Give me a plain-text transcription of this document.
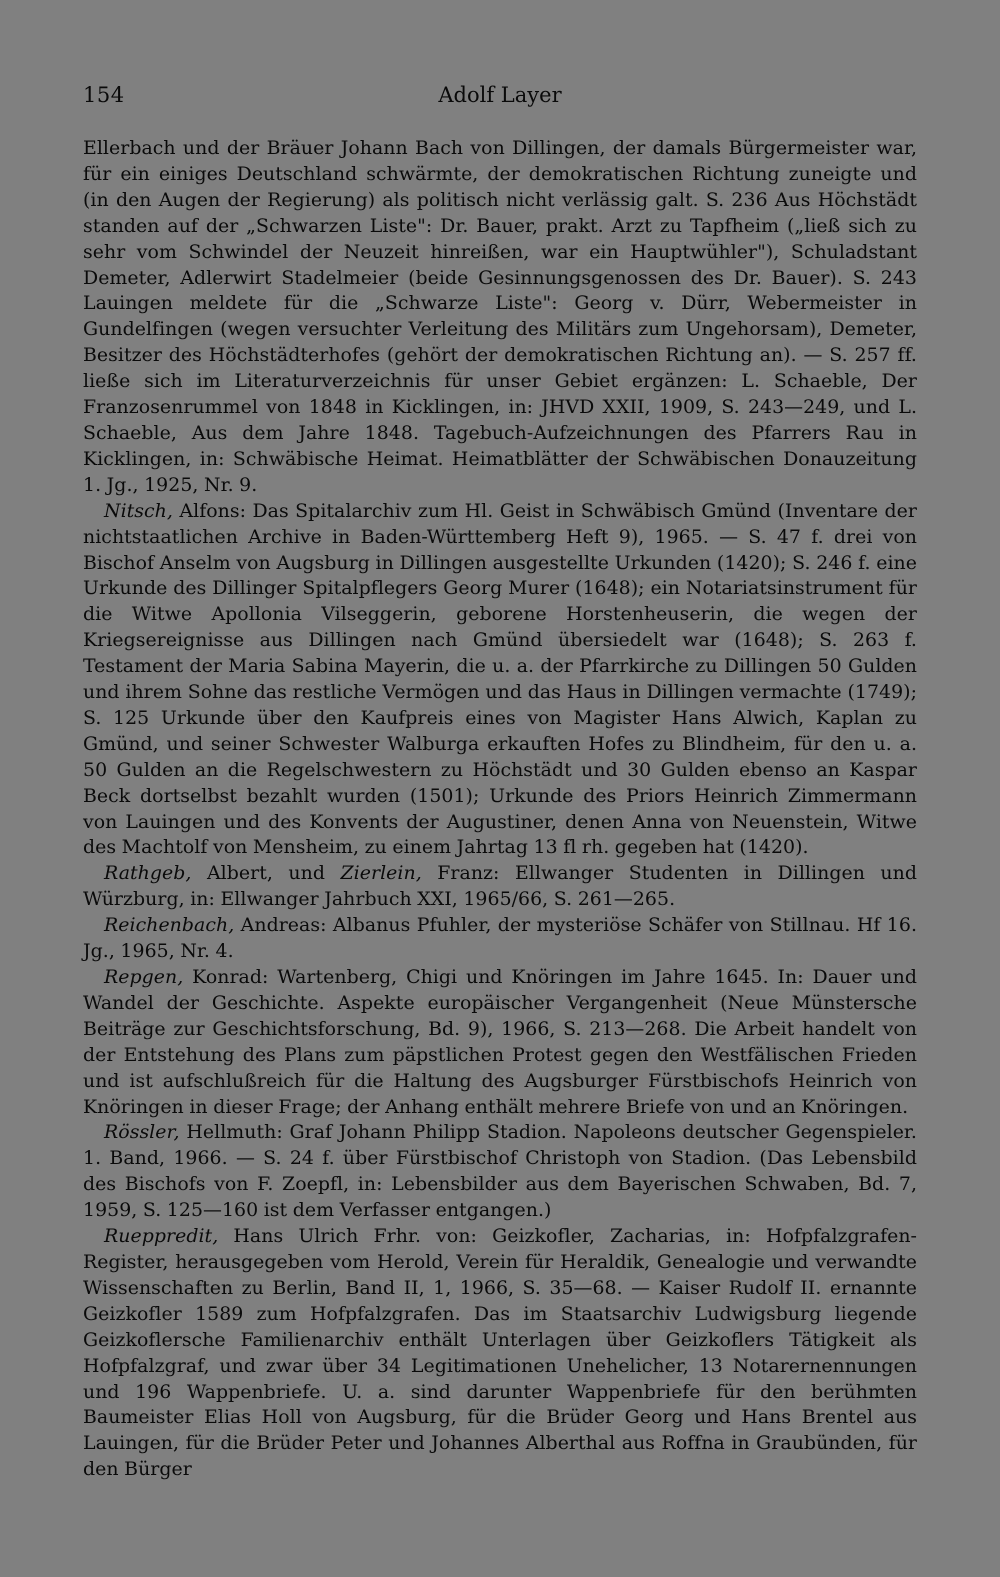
154	Adolf Layer

Ellerbach und der Bräuer Johann Bach von Dillingen, der damals Bürgermeister war, für ein einiges Deutschland schwärmte, der demokratischen Richtung zuneigte und (in den Augen der Regierung) als politisch nicht verlässig galt. S. 236 Aus Höchstädt standen auf der „Schwarzen Liste": Dr. Bauer, prakt. Arzt zu Tapfheim („ließ sich zu sehr vom Schwindel der Neuzeit hinreißen, war ein Hauptwühler"), Schuladstant Demeter, Adlerwirt Stadelmeier (beide Gesinnungsgenossen des Dr. Bauer). S. 243 Lauingen meldete für die „Schwarze Liste": Georg v. Dürr, Webermeister in Gundelfingen (wegen versuchter Verleitung des Militärs zum Ungehorsam), Demeter, Besitzer des Höchstädterhofes (gehört der demokratischen Richtung an). — S. 257 ff. ließe sich im Literaturverzeichnis für unser Gebiet ergänzen: L. Schaeble, Der Franzosenrummel von 1848 in Kicklingen, in: JHVD XXII, 1909, S. 243—249, und L. Schaeble, Aus dem Jahre 1848. Tagebuch-Aufzeichnungen des Pfarrers Rau in Kicklingen, in: Schwäbische Heimat. Heimatblätter der Schwäbischen Donauzeitung 1. Jg., 1925, Nr. 9.

Nitsch, Alfons: Das Spitalarchiv zum Hl. Geist in Schwäbisch Gmünd (Inventare der nichtstaatlichen Archive in Baden-Württemberg Heft 9), 1965. — S. 47 f. drei von Bischof Anselm von Augsburg in Dillingen ausgestellte Urkunden (1420); S. 246 f. eine Urkunde des Dillinger Spitalpflegers Georg Murer (1648); ein Notariatsinstrument für die Witwe Apollonia Vilseggerin, geborene Horstenheuserin, die wegen der Kriegsereignisse aus Dillingen nach Gmünd übersiedelt war (1648); S. 263 f. Testament der Maria Sabina Mayerin, die u. a. der Pfarrkirche zu Dillingen 50 Gulden und ihrem Sohne das restliche Vermögen und das Haus in Dillingen vermachte (1749); S. 125 Urkunde über den Kaufpreis eines von Magister Hans Alwich, Kaplan zu Gmünd, und seiner Schwester Walburga erkauften Hofes zu Blindheim, für den u. a. 50 Gulden an die Regelschwestern zu Höchstädt und 30 Gulden ebenso an Kaspar Beck dortselbst bezahlt wurden (1501); Urkunde des Priors Heinrich Zimmermann von Lauingen und des Konvents der Augustiner, denen Anna von Neuenstein, Witwe des Machtolf von Mensheim, zu einem Jahrtag 13 fl rh. gegeben hat (1420).

Rathgeb, Albert, und Zierlein, Franz: Ellwanger Studenten in Dillingen und Würzburg, in: Ellwanger Jahrbuch XXI, 1965/66, S. 261—265.

Reichenbach, Andreas: Albanus Pfuhler, der mysteriöse Schäfer von Stillnau. Hf 16. Jg., 1965, Nr. 4.

Repgen, Konrad: Wartenberg, Chigi und Knöringen im Jahre 1645. In: Dauer und Wandel der Geschichte. Aspekte europäischer Vergangenheit (Neue Münstersche Beiträge zur Geschichtsforschung, Bd. 9), 1966, S. 213—268. Die Arbeit handelt von der Entstehung des Plans zum päpstlichen Protest gegen den Westfälischen Frieden und ist aufschlußreich für die Haltung des Augsburger Fürstbischofs Heinrich von Knöringen in dieser Frage; der Anhang enthält mehrere Briefe von und an Knöringen.

Rössler, Hellmuth: Graf Johann Philipp Stadion. Napoleons deutscher Gegenspieler. 1. Band, 1966. — S. 24 f. über Fürstbischof Christoph von Stadion. (Das Lebensbild des Bischofs von F. Zoepfl, in: Lebensbilder aus dem Bayerischen Schwaben, Bd. 7, 1959, S. 125—160 ist dem Verfasser entgangen.)

Rueppredit, Hans Ulrich Frhr. von: Geizkofler, Zacharias, in: Hofpfalzgrafen-Register, herausgegeben vom Herold, Verein für Heraldik, Genealogie und verwandte Wissenschaften zu Berlin, Band II, 1, 1966, S. 35—68. — Kaiser Rudolf II. ernannte Geizkofler 1589 zum Hofpfalzgrafen. Das im Staatsarchiv Ludwigsburg liegende Geizkoflersche Familienarchiv enthält Unterlagen über Geizkoflers Tätigkeit als Hofpfalzgraf, und zwar über 34 Legitimationen Unehelicher, 13 Notarernennungen und 196 Wappenbriefe. U. a. sind darunter Wappenbriefe für den berühmten Baumeister Elias Holl von Augsburg, für die Brüder Georg und Hans Brentel aus Lauingen, für die Brüder Peter und Johannes Alberthal aus Roffna in Graubünden, für den Bürger
